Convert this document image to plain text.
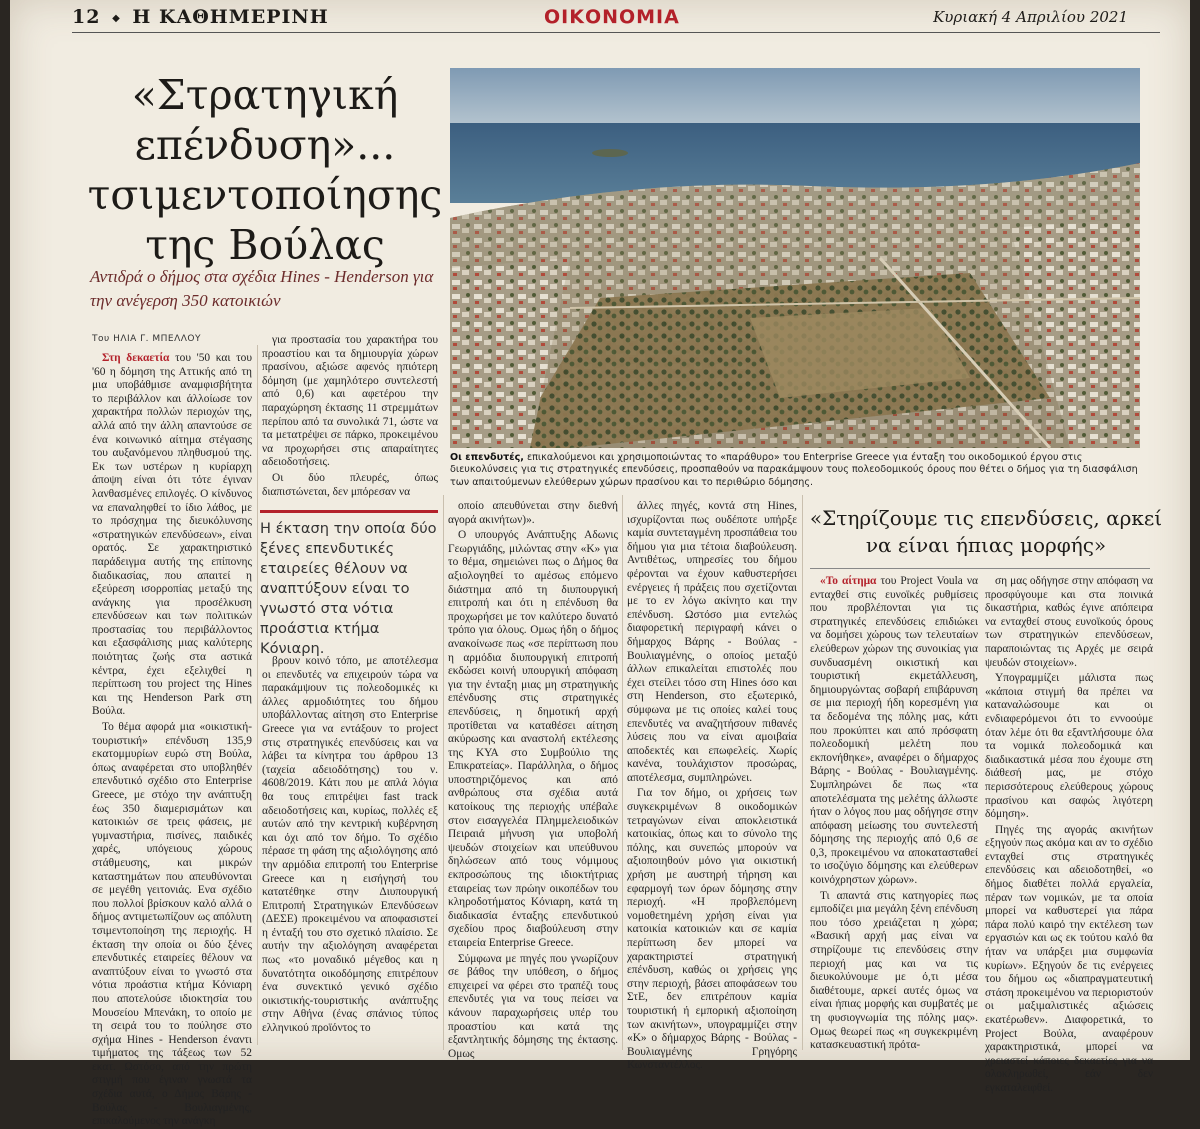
12 ◆ Η ΚΑΘΗΜΕΡΙΝΗ	ΟΙΚΟΝΟΜΙΑ	Κυριακή 4 Απριλίου 2021
«Στρατηγική
επένδυση»...
τσιμεντοποίησης
της Βούλας
Αντιδρά ο δήμος στα σχέδια Hines - Henderson για την ανέγερση 350 κατοικιών
Του ΗΛΙΑ Γ. ΜΠΕΛΛΟΥ

Στη δεκαετία του '50 και του '60 η δόμηση της Αττικής από τη μια υποβάθμισε αναμφισβήτητα το περιβάλλον και άλλοίωσε τον χαρακτήρα πολλών περιοχών της, αλλά από την άλλη απαντούσε σε ένα κοινωνικό αίτημα στέγασης του αυξανόμενου πληθυσμού της. Εκ των υστέρων η κυρίαρχη άποψη είναι ότι τότε έγιναν λανθασμένες επιλογές. Ο κίνδυνος να επαναληφθεί το ίδιο λάθος, με το πρόσχημα της διευκόλυνσης «στρατηγικών επενδύσεων», είναι ορατός. Σε χαρακτηριστικό παράδειγμα αυτής της επίπονης διαδικασίας, που απαιτεί η εξεύρεση ισορροπίας μεταξύ της ανάγκης για προσέλκυση επενδύσεων και των πολιτικών προστασίας του περιβάλλοντος και εξασφάλισης μιας καλύτερης ποιότητας ζωής στα αστικά κέντρα, έχει εξελιχθεί η περίπτωση του project της Hines και της Henderson Park στη Βούλα.

Το θέμα αφορά μια «οικιστική-τουριστική» επένδυση 135,9 εκατομμυρίων ευρώ στη Βούλα, όπως αναφέρεται στο υποβληθέν επενδυτικό σχέδιο στο Enterprise Greece, με στόχο την ανάπτυξη έως 350 διαμερισμάτων και κατοικιών σε τρεις φάσεις, με γυμναστήρια, πισίνες, παιδικές χαρές, υπόγειους χώρους στάθμευσης, και μικρών καταστημάτων που απευθύνονται σε μεγέθη γειτονιάς. Ενα σχέδιο που πολλοί βρίσκουν καλό αλλά ο δήμος αντιμετωπίζουν ως απόλυτη τσιμεντοποίηση της περιοχής. Η έκταση την οποία οι δύο ξένες επενδυτικές εταιρείες θέλουν να αναπτύξουν είναι το γνωστό στα νότια προάστια κτήμα Κόνιαρη που αποτελούσε ιδιοκτησία του Μουσείου Μπενάκη, το οποίο με τη σειρά του το πούλησε στο σχήμα Hines - Henderson έναντι τιμήματος της τάξεως των 52 εκατ. Ωστόσο, από την πρώτη στιγμή που έγιναν γνωστά τα σχέδια αυτά, ο Δήμος Βάρης - Βούλας - Βουλιαγμένης, επικαλούμενος την ανάγκη

για προστασία του χαρακτήρα του προαστίου και τα δημιουργία χώρων πρασίνου, αξιώσε αφενός ηπιότερη δόμηση (με χαμηλότερο συντελεστή από 0,6) και αφετέρου την παραχώρηση έκτασης 11 στρεμμάτων περίπου από τα συνολικά 71, ώστε να τα μετατρέψει σε πάρκο, προκειμένου να προχωρήσει στις απαραίτητες αδειοδοτήσεις.

Οι δύο πλευρές, όπως διαπιστώνεται, δεν μπόρεσαν να

Η έκταση την οποία δύο ξένες επενδυτικές εταιρείες θέλουν να αναπτύξουν είναι το γνωστό στα νότια προάστια κτήμα Κόνιαρη.

βρουν κοινό τόπο, με αποτέλεσμα οι επενδυτές να επιχειρούν τώρα να παρακάμψουν τις πολεοδομικές κι άλλες αρμοδιότητες του δήμου υποβάλλοντας αίτηση στο Enterprise Greece για να εντάξουν το project στις στρατηγικές επενδύσεις και να λάβει τα κίνητρα του άρθρου 13 (ταχεία αδειοδότησης) του ν. 4608/2019. Κάτι που με απλά λόγια θα τους επιτρέψει fast track αδειοδοτήσεις και, κυρίως, πολλές εξ αυτών από την κεντρική κυβέρνηση και όχι από τον δήμο. Το σχέδιο πέρασε τη φάση της αξιολόγησης από την αρμόδια επιτροπή του Enterprise Greece και η εισήγησή του κατατέθηκε στην Διυπουργική Επιτροπή Στρατηγικών Επενδύσεων (ΔΕΣΕ) προκειμένου να αποφασιστεί η ένταξή του στο σχετικό πλαίσιο. Σε αυτήν την αξιολόγηση αναφέρεται πως «το μοναδικό μέγεθος και η δυνατότητα οικοδόμησης επιτρέπουν ένα συνεκτικό γενικό σχέδιο οικιστικής-τουριστικής ανάπτυξης στην Αθήνα (ένας σπάνιος τύπος ελληνικού προϊόντος το

Οι επενδυτές, επικαλούμενοι και χρησιμοποιώντας το «παράθυρο» του Enterprise Greece για ένταξη του οικοδομικού έργου στις διευκολύνσεις για τις στρατηγικές επενδύσεις, προσπαθούν να παρακάμψουν τους πολεοδομικούς όρους που θέτει ο δήμος για τη διασφάλιση των απαιτούμενων ελεύθερων χώρων πρασίνου και το περιθώριο δόμησης.

οποίο απευθύνεται στην διεθνή αγορά ακινήτων)».

Ο υπουργός Ανάπτυξης Αδωνις Γεωργιάδης, μιλώντας στην «Κ» για το θέμα, σημειώνει πως ο Δήμος θα αξιολογηθεί το αμέσως επόμενο διάστημα από τη διυπουργική επιτροπή και ότι η επένδυση θα προχωρήσει με τον καλύτερο δυνατό τρόπο για όλους. Ομως ήδη ο δήμος ανακοίνωσε πως «σε περίπτωση που η αρμόδια διυπουργική επιτροπή εκδώσει κοινή υπουργική απόφαση για την ένταξη μιας μη στρατηγικής επένδυσης στις στρατηγικές επενδύσεις, η δημοτική αρχή προτίθεται να καταθέσει αίτηση ακύρωσης και αναστολή εκτέλεσης της ΚΥΑ στο Συμβούλιο της Επικρατείας». Παράλληλα, ο δήμος υποστηριζόμενος και από ανθρώπους στα σχέδια αυτά κατοίκους της περιοχής υπέβαλε στον εισαγγελέα Πλημμελειοδικών Πειραιά μήνυση για υποβολή ψευδών στοιχείων και υπεύθυνου δηλώσεων από τους νόμιμους εκπροσώπους της ιδιοκτήτριας εταιρείας των πρώην οικοπέδων του κληροδοτήματος Κόνιαρη, κατά τη διαδικασία ένταξης επενδυτικού σχεδίου προς διαβούλευση στην εταιρεία Enterprise Greece.

Σύμφωνα με πηγές που γνωρίζουν σε βάθος την υπόθεση, ο δήμος επιχειρεί να φέρει στο τραπέζι τους επενδυτές για να τους πείσει να κάνουν παραχωρήσεις υπέρ του προαστίου και κατά της εξαντλητικής δόμησης της έκτασης. Ομως

άλλες πηγές, κοντά στη Hines, ισχυρίζονται πως ουδέποτε υπήρξε καμία συντεταγμένη προσπάθεια του δήμου για μια τέτοια διαβούλευση. Αντιθέτως, υπηρεσίες του δήμου φέρονται να έχουν καθυστερήσει ενέργειες ή πράξεις που σχετίζονται με το εν λόγω ακίνητο και την επένδυση. Ωστόσο μια εντελώς διαφορετική περιγραφή κάνει ο δήμαρχος Βάρης - Βούλας - Βουλιαγμένης, ο οποίος μεταξύ άλλων επικαλείται επιστολές που έχει στείλει τόσο στη Hines όσο και στη Henderson, στο εξωτερικό, σύμφωνα με τις οποίες καλεί τους επενδυτές να αναζητήσουν πιθανές λύσεις που να είναι αμοιβαία αποδεκτές και επωφελείς. Χωρίς κανένα, τουλάχιστον προσώρας, αποτέλεσμα, συμπληρώνει.

Για τον δήμο, οι χρήσεις των συγκεκριμένων 8 οικοδομικών τετραγώνων είναι αποκλειστικά κατοικίας, όπως και το σύνολο της πόλης, και συνεπώς μπορούν να αξιοποιηθούν μόνο για οικιστική χρήση με αυστηρή τήρηση και εφαρμογή των όρων δόμησης στην περιοχή. «Η προβλεπόμενη νομοθετημένη χρήση είναι για κατοικία κατοικιών και σε καμία περίπτωση δεν μπορεί να χαρακτηριστεί στρατηγική επένδυση, καθώς οι χρήσεις γης στην περιοχή, βάσει αποφάσεων του ΣτΕ, δεν επιτρέπουν καμία τουριστική ή εμπορική αξιοποίηση των ακινήτων», υπογραμμίζει στην «Κ» ο δήμαρχος Βάρης - Βούλας - Βουλιαγμένης Γρηγόρης Κωνσταντέλλος.

«Στηρίζουμε τις επενδύσεις, αρκεί να είναι ήπιας μορφής»

«Το αίτημα του Project Voula να ενταχθεί στις ευνοϊκές ρυθμίσεις που προβλέπονται για τις στρατηγικές επενδύσεις επιδιώκει να δομήσει χώρους των τελευταίων ελεύθερων χώρων της συνοικίας για συνδυασμένη οικιστική και τουριστική εκμετάλλευση, δημιουργώντας σοβαρή επιβάρυνση σε μια περιοχή ήδη κορεσμένη για τα δεδομένα της πόλης μας, κάτι που προκύπτει και από πρόσφατη πολεοδομική μελέτη που εκπονήθηκε», αναφέρει ο δήμαρχος Βάρης - Βούλας - Βουλιαγμένης. Συμπληρώνει δε πως «τα αποτελέσματα της μελέτης άλλωστε ήταν ο λόγος που μας οδήγησε στην απόφαση μείωσης του συντελεστή δόμησης της περιοχής από 0,6 σε 0,3, προκειμένου να αποκατασταθεί το ισοζύγιο δόμησης και ελεύθερων κοινόχρηστων χώρων».

Τι απαντά στις κατηγορίες πως εμποδίζει μια μεγάλη ξένη επένδυση που τόσο χρειάζεται η χώρα; «Βασική αρχή μας είναι να στηρίζουμε τις επενδύσεις στην περιοχή μας και να τις διευκολύνουμε με ό,τι μέσα διαθέτουμε, αρκεί αυτές όμως να είναι ήπιας μορφής και συμβατές με τη φυσιογνωμία της πόλης μας». Ομως θεωρεί πως «η συγκεκριμένη κατασκευαστική πρότα-

ση μας οδήγησε στην απόφαση να προσφύγουμε και στα ποινικά δικαστήρια, καθώς έγινε απόπειρα να ενταχθεί στους ευνοϊκούς όρους των στρατηγικών επενδύσεων, παραποιώντας τις Αρχές με σειρά ψευδών στοιχείων».

Υπογραμμίζει μάλιστα πως «κάποια στιγμή θα πρέπει να καταναλώσουμε και οι ενδιαφερόμενοι ότι το εννοούμε όταν λέμε ότι θα εξαντλήσουμε όλα τα νομικά πολεοδομικά και διαδικαστικά μέσα που έχουμε στη διάθεσή μας, με στόχο περισσότερους ελεύθερους χώρους πρασίνου και σαφώς λιγότερη δόμηση».

Πηγές της αγοράς ακινήτων εξηγούν πως ακόμα και αν το σχέδιο ενταχθεί στις στρατηγικές επενδύσεις και αδειοδοτηθεί, «ο δήμος διαθέτει πολλά εργαλεία, πέραν των νομικών, με τα οποία μπορεί να καθυστερεί για πάρα πάρα πολύ καιρό την εκτέλεση των εργασιών και ως εκ τούτου καλό θα ήταν να υπάρξει μια συμφωνία κυρίων». Εξηγούν δε τις ενέργειες του δήμου ως «διαπραγματευτική στάση προκειμένου να περιοριστούν οι μαξιμαλιστικές αξιώσεις εκατέρωθεν». Διαφορετικά, το Project Βούλα, αναφέρουν χαρακτηριστικά, μπορεί να χρειαστεί κάποιες δεκαετίες για να ολοκληρωθεί, εάν δεν εγκαταλειφθεί.
